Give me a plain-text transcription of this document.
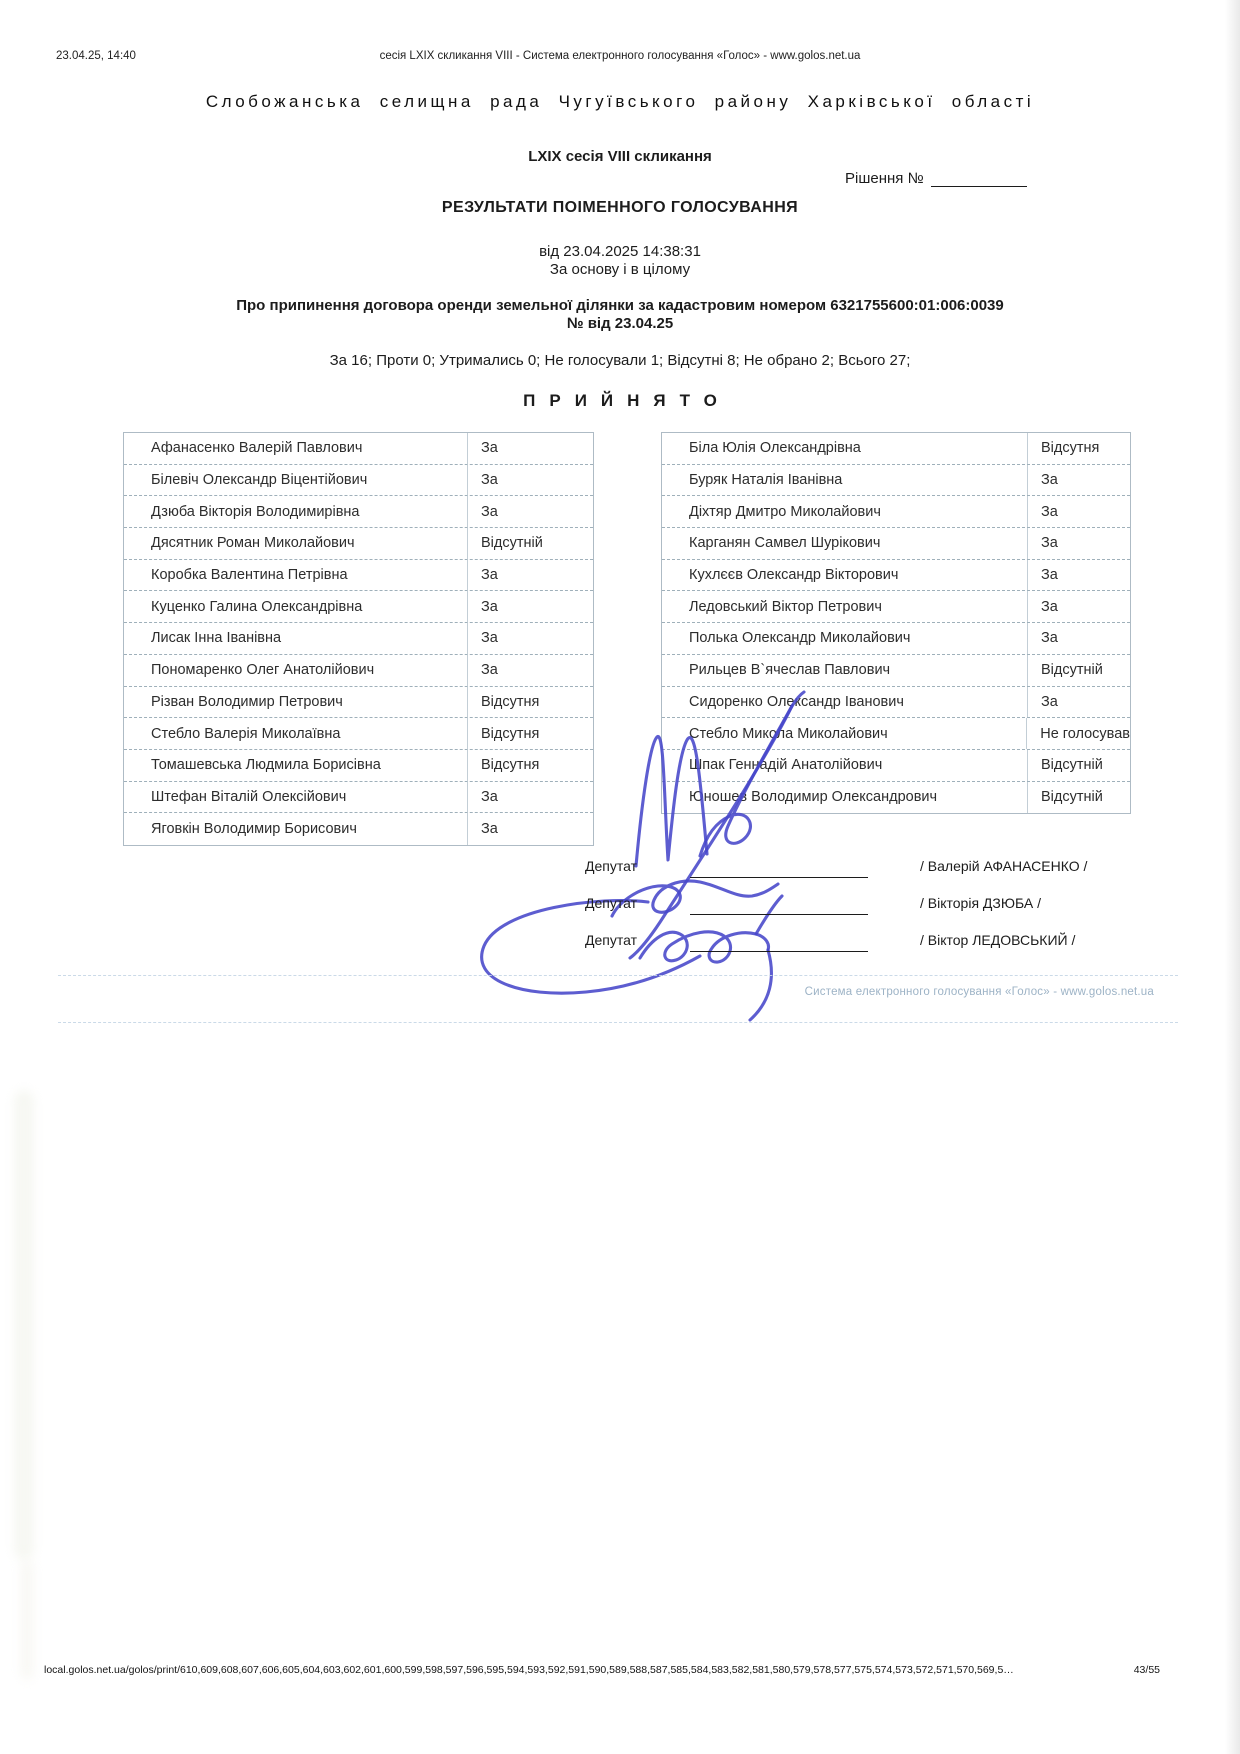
23.04.25, 14:40	сесія LXIX скликання VIII - Система електронного голосування «Голос» - www.golos.net.ua
Слобожанська селищна рада Чугуївського району Харківської області
LXIX сесія VIII скликання
Рішення №
РЕЗУЛЬТАТИ ПОІМЕННОГО ГОЛОСУВАННЯ
від 23.04.2025 14:38:31
За основу і в цілому
Про припинення договора оренди земельної ділянки за кадастровим номером 6321755600:01:006:0039
№ від 23.04.25
За 16; Проти 0; Утримались 0; Не голосували 1; Відсутні 8; Не обрано 2; Всього 27;
ПРИЙНЯТО
Афанасенко Валерій Павлович	За
Білевіч Олександр Віцентійович	За
Дзюба Вікторія Володимирівна	За
Дясятник Роман Миколайович	Відсутній
Коробка Валентина Петрівна	За
Куценко Галина Олександрівна	За
Лисак Інна Іванівна	За
Пономаренко Олег Анатолійович	За
Різван Володимир Петрович	Відсутня
Стебло Валерія Миколаївна	Відсутня
Томашевська Людмила Борисівна	Відсутня
Штефан Віталій Олексійович	За
Яговкін Володимир Борисович	За
Біла Юлія Олександрівна	Відсутня
Буряк Наталія Іванівна	За
Діхтяр Дмитро Миколайович	За
Карганян Самвел Шурікович	За
Кухлєєв Олександр Вікторович	За
Ледовський Віктор Петрович	За
Полька Олександр Миколайович	За
Рильцев В`ячеслав Павлович	Відсутній
Сидоренко Олександр Іванович	За
Стебло Микола Миколайович	Не голосував
Шпак Геннадій Анатолійович	Відсутній
Юношев Володимир Олександрович	Відсутній
Депутат	/ Валерій АФАНАСЕНКО /
Депутат	/ Вікторія ДЗЮБА /
Депутат	/ Віктор ЛЕДОВСЬКИЙ /
Система електронного голосування «Голос» - www.golos.net.ua
local.golos.net.ua/golos/print/610,609,608,607,606,605,604,603,602,601,600,599,598,597,596,595,594,593,592,591,590,589,588,587,585,584,583,582,581,580,579,578,577,575,574,573,572,571,570,569,5…	43/55
